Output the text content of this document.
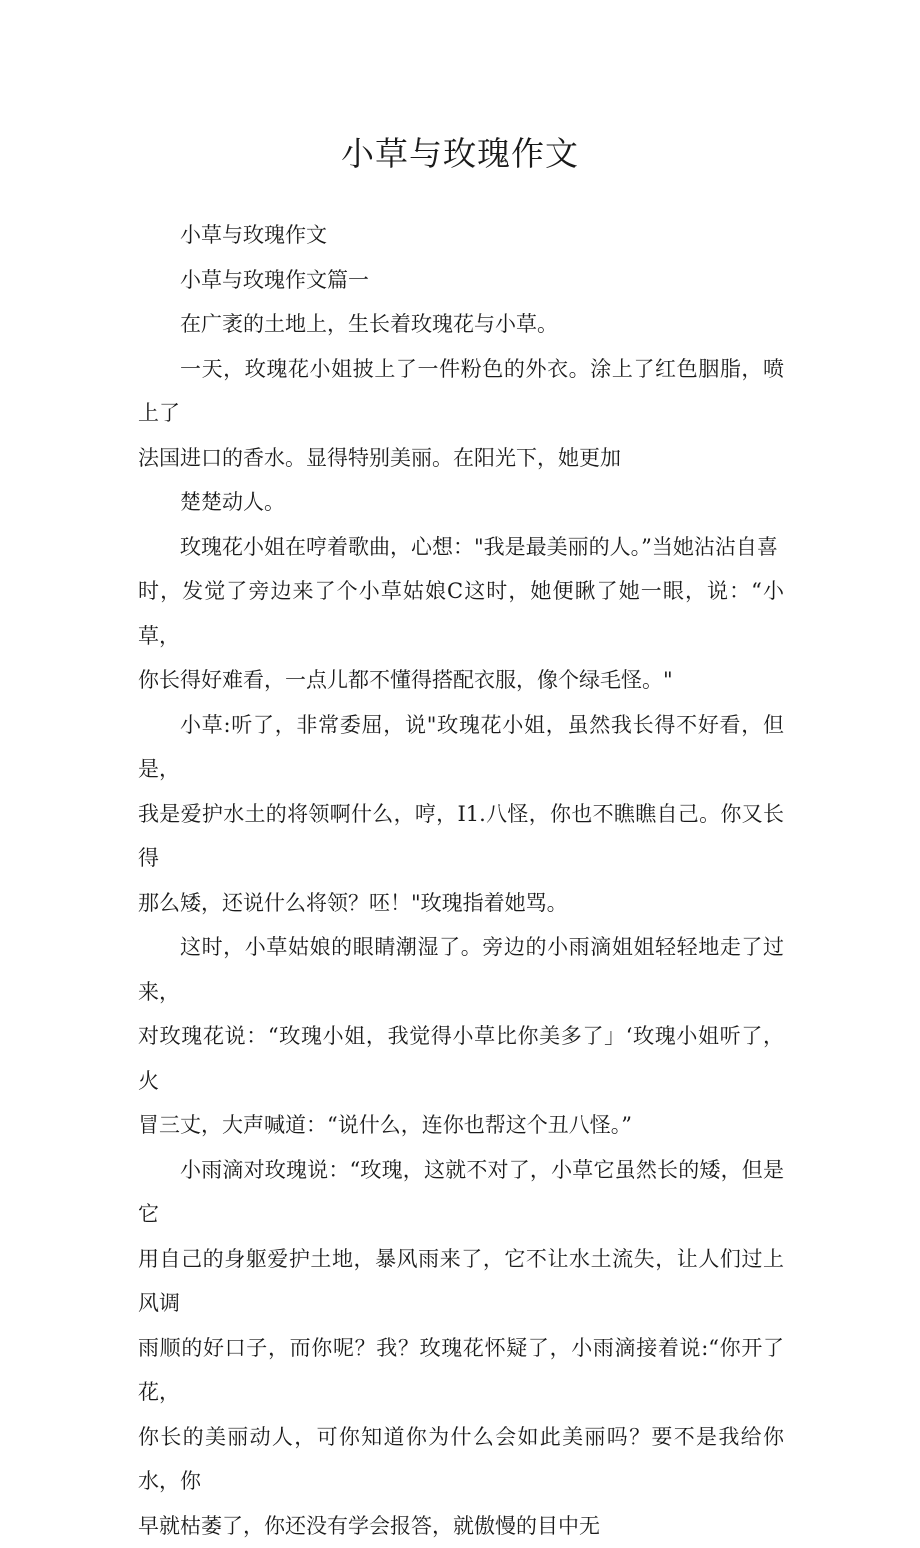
小草与玫瑰作文

小草与玫瑰作文

小草与玫瑰作文篇一

在广袤的土地上，生长着玫瑰花与小草。

一天，玫瑰花小姐披上了一件粉色的外衣。涂上了红色胭脂，喷上了
法国进口的香水。显得特别美丽。在阳光下，她更加

楚楚动人。

玫瑰花小姐在哼着歌曲，心想："我是最美丽的人。”当她沾沾自喜
时，发觉了旁边来了个小草姑娘C这时，她便瞅了她一眼，说：“小草，
你长得好难看，一点儿都不懂得搭配衣服，像个绿毛怪。"

小草:听了，非常委屈，说"玫瑰花小姐，虽然我长得不好看，但是，
我是爱护水土的将领啊什么，哼，I1.八怪，你也不瞧瞧自己。你又长得
那么矮，还说什么将领？呸！"玫瑰指着她骂。

这时，小草姑娘的眼睛潮湿了。旁边的小雨滴姐姐轻轻地走了过来，
对玫瑰花说：“玫瑰小姐，我觉得小草比你美多了」‘玫瑰小姐听了，火
冒三丈，大声喊道：“说什么，连你也帮这个丑八怪。”

小雨滴对玫瑰说：“玫瑰，这就不对了，小草它虽然长的矮，但是它
用自己的身躯爱护土地，暴风雨来了，它不让水土流失，让人们过上风调
雨顺的好口子，而你呢？我？玫瑰花怀疑了，小雨滴接着说:“你开了花，
你长的美丽动人，可你知道你为什么会如此美丽吗？要不是我给你水，你
早就枯萎了，你还没有学会报答，就傲慢的目中无
